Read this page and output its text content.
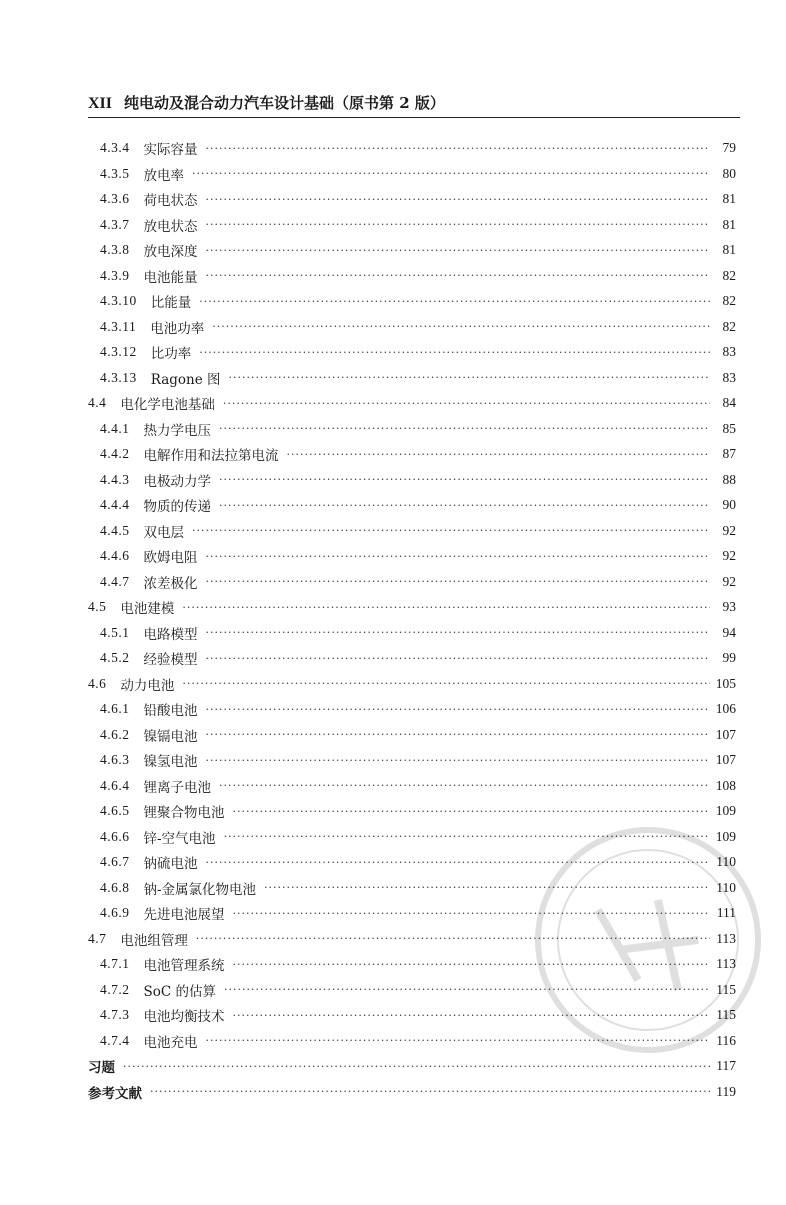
XII 纯电动及混合动力汽车设计基础（原书第 2 版）
4.3.4 实际容量 ·····	79
4.3.5 放电率 ·····	80
4.3.6 荷电状态 ·····	81
4.3.7 放电状态 ·····	81
4.3.8 放电深度 ·····	81
4.3.9 电池能量 ·····	82
4.3.10 比能量 ·····	82
4.3.11 电池功率 ·····	82
4.3.12 比功率 ·····	83
4.3.13 Ragone 图 ·····	83
4.4 电化学电池基础 ·····	84
4.4.1 热力学电压 ·····	85
4.4.2 电解作用和法拉第电流 ·····	87
4.4.3 电极动力学 ·····	88
4.4.4 物质的传递 ·····	90
4.4.5 双电层 ·····	92
4.4.6 欧姆电阻 ·····	92
4.4.7 浓差极化 ·····	92
4.5 电池建模 ·····	93
4.5.1 电路模型 ·····	94
4.5.2 经验模型 ·····	99
4.6 动力电池 ·····	105
4.6.1 铅酸电池 ·····	106
4.6.2 镍镉电池 ·····	107
4.6.3 镍氢电池 ·····	107
4.6.4 锂离子电池 ·····	108
4.6.5 锂聚合物电池 ·····	109
4.6.6 锌-空气电池 ·····	109
4.6.7 钠硫电池 ·····	110
4.6.8 钠-金属氯化物电池 ·····	110
4.6.9 先进电池展望 ·····	111
4.7 电池组管理 ·····	113
4.7.1 电池管理系统 ·····	113
4.7.2 SoC 的估算 ·····	115
4.7.3 电池均衡技术 ·····	115
4.7.4 电池充电 ·····	116
习题 ·····	117
参考文献 ·····	119
